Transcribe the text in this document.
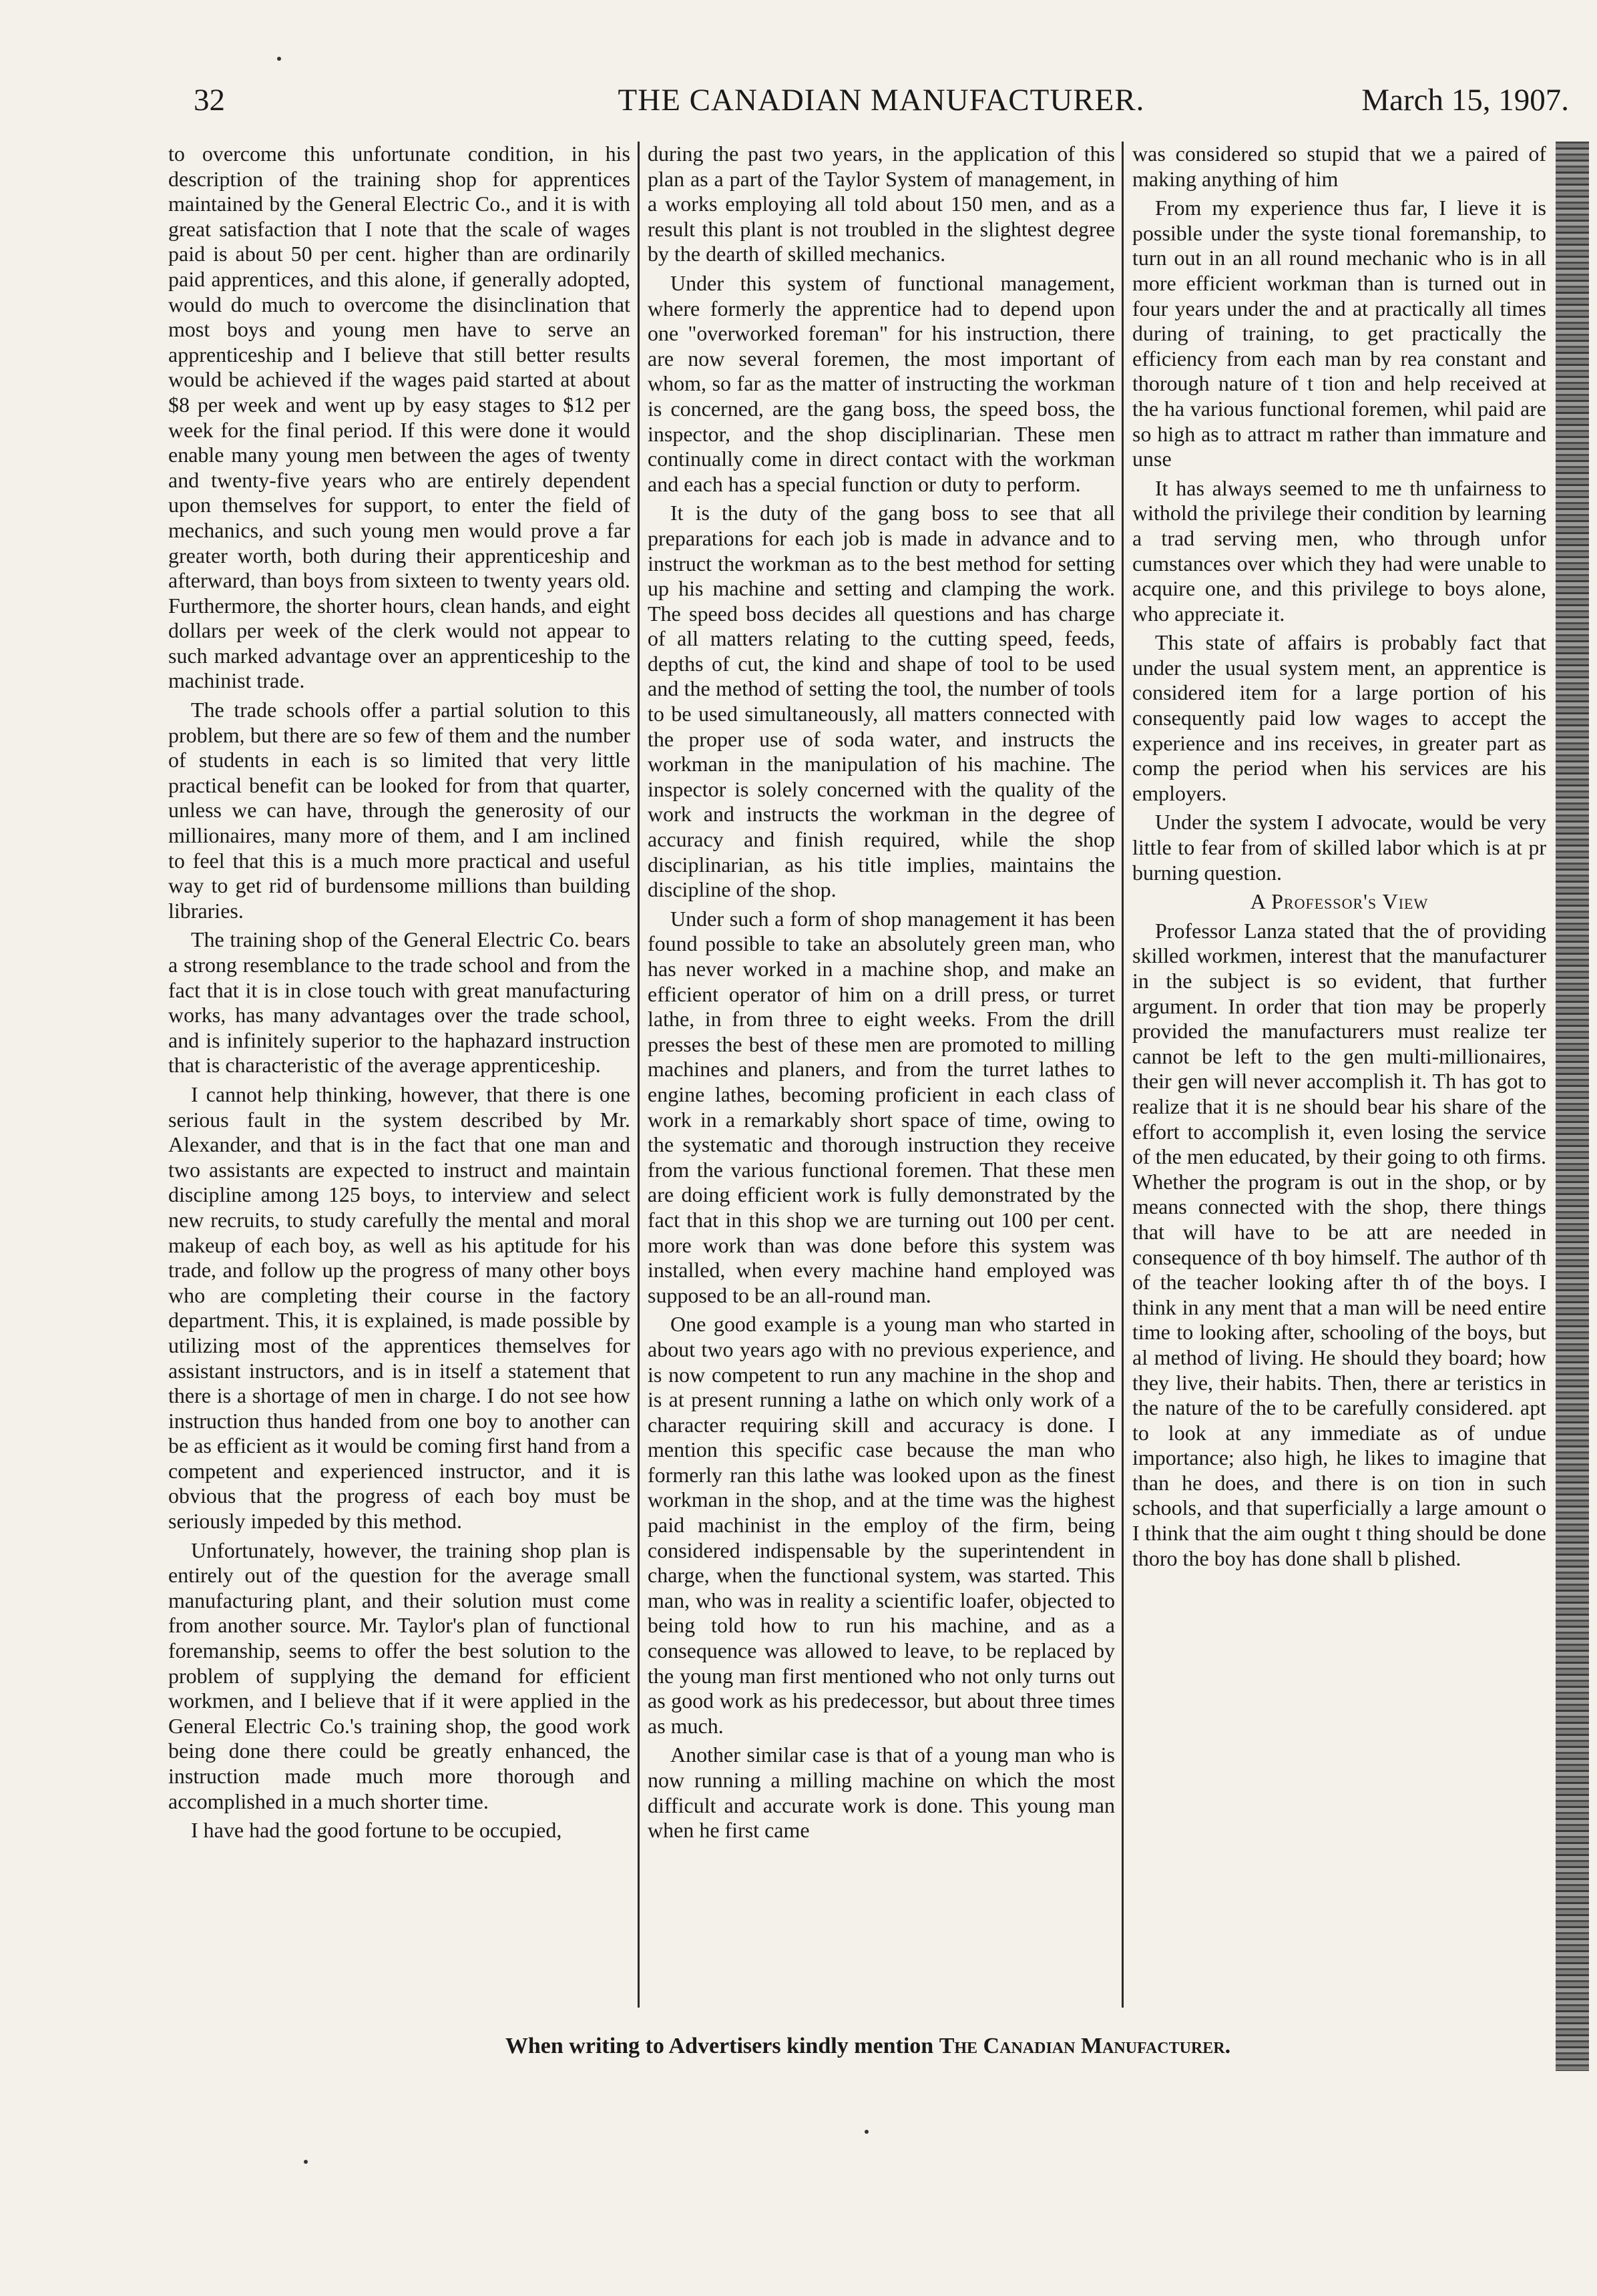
32	THE CANADIAN MANUFACTURER.	March 15, 1907.

to overcome this unfortunate condition, in his description of the training shop for apprentices maintained by the General Electric Co., and it is with great satisfaction that I note that the scale of wages paid is about 50 per cent. higher than are ordinarily paid apprentices, and this alone, if generally adopted, would do much to overcome the disinclination that most boys and young men have to serve an apprenticeship and I believe that still better results would be achieved if the wages paid started at about $8 per week and went up by easy stages to $12 per week for the final period. If this were done it would enable many young men between the ages of twenty and twenty-five years who are entirely dependent upon themselves for support, to enter the field of mechanics, and such young men would prove a far greater worth, both during their apprenticeship and afterward, than boys from sixteen to twenty years old. Furthermore, the shorter hours, clean hands, and eight dollars per week of the clerk would not appear to such marked advantage over an apprenticeship to the machinist trade.

The trade schools offer a partial solution to this problem, but there are so few of them and the number of students in each is so limited that very little practical benefit can be looked for from that quarter, unless we can have, through the generosity of our millionaires, many more of them, and I am inclined to feel that this is a much more practical and useful way to get rid of burdensome millions than building libraries.

The training shop of the General Electric Co. bears a strong resemblance to the trade school and from the fact that it is in close touch with great manufacturing works, has many advantages over the trade school, and is infinitely superior to the haphazard instruction that is characteristic of the average apprenticeship.

I cannot help thinking, however, that there is one serious fault in the system described by Mr. Alexander, and that is in the fact that one man and two assistants are expected to instruct and maintain discipline among 125 boys, to interview and select new recruits, to study carefully the mental and moral makeup of each boy, as well as his aptitude for his trade, and follow up the progress of many other boys who are completing their course in the factory department. This, it is explained, is made possible by utilizing most of the apprentices themselves for assistant instructors, and is in itself a statement that there is a shortage of men in charge. I do not see how instruction thus handed from one boy to another can be as efficient as it would be coming first hand from a competent and experienced instructor, and it is obvious that the progress of each boy must be seriously impeded by this method.

Unfortunately, however, the training shop plan is entirely out of the question for the average small manufacturing plant, and their solution must come from another source. Mr. Taylor's plan of functional foremanship, seems to offer the best solution to the problem of supplying the demand for efficient workmen, and I believe that if it were applied in the General Electric Co.'s training shop, the good work being done there could be greatly enhanced, the instruction made much more thorough and accomplished in a much shorter time.

I have had the good fortune to be occupied,

during the past two years, in the application of this plan as a part of the Taylor System of management, in a works employing all told about 150 men, and as a result this plant is not troubled in the slightest degree by the dearth of skilled mechanics.

Under this system of functional management, where formerly the apprentice had to depend upon one "overworked foreman" for his instruction, there are now several foremen, the most important of whom, so far as the matter of instructing the workman is concerned, are the gang boss, the speed boss, the inspector, and the shop disciplinarian. These men continually come in direct contact with the workman and each has a special function or duty to perform.

It is the duty of the gang boss to see that all preparations for each job is made in advance and to instruct the workman as to the best method for setting up his machine and setting and clamping the work. The speed boss decides all questions and has charge of all matters relating to the cutting speed, feeds, depths of cut, the kind and shape of tool to be used and the method of setting the tool, the number of tools to be used simultaneously, all matters connected with the proper use of soda water, and instructs the workman in the manipulation of his machine. The inspector is solely concerned with the quality of the work and instructs the workman in the degree of accuracy and finish required, while the shop disciplinarian, as his title implies, maintains the discipline of the shop.

Under such a form of shop management it has been found possible to take an absolutely green man, who has never worked in a machine shop, and make an efficient operator of him on a drill press, or turret lathe, in from three to eight weeks. From the drill presses the best of these men are promoted to milling machines and planers, and from the turret lathes to engine lathes, becoming proficient in each class of work in a remarkably short space of time, owing to the systematic and thorough instruction they receive from the various functional foremen. That these men are doing efficient work is fully demonstrated by the fact that in this shop we are turning out 100 per cent. more work than was done before this system was installed, when every machine hand employed was supposed to be an all-round man.

One good example is a young man who started in about two years ago with no previous experience, and is now competent to run any machine in the shop and is at present running a lathe on which only work of a character requiring skill and accuracy is done. I mention this specific case because the man who formerly ran this lathe was looked upon as the finest workman in the shop, and at the time was the highest paid machinist in the employ of the firm, being considered indispensable by the superintendent in charge, when the functional system, was started. This man, who was in reality a scientific loafer, objected to being told how to run his machine, and as a consequence was allowed to leave, to be replaced by the young man first mentioned who not only turns out as good work as his predecessor, but about three times as much.

Another similar case is that of a young man who is now running a milling machine on which the most difficult and accurate work is done. This young man when he first came

was considered so stupid that we a paired of making anything of him

From my experience thus far, I lieve it is possible under the syste tional foremanship, to turn out in an all round mechanic who is in all more efficient workman than is turned out in four years under the and at practically all times during of training, to get practically the efficiency from each man by rea constant and thorough nature of t tion and help received at the ha various functional foremen, whil paid are so high as to attract m rather than immature and unse

It has always seemed to me th unfairness to withold the privilege their condition by learning a trad serving men, who through unfor cumstances over which they had were unable to acquire one, and this privilege to boys alone, who appreciate it.

This state of affairs is probably fact that under the usual system ment, an apprentice is considered item for a large portion of his consequently paid low wages to accept the experience and ins receives, in greater part as comp the period when his services are his employers.

Under the system I advocate, would be very little to fear from of skilled labor which is at pr burning question.

A Professor's View

Professor Lanza stated that the of providing skilled workmen, interest that the manufacturer in the subject is so evident, that further argument. In order that tion may be properly provided the manufacturers must realize ter cannot be left to the gen multi-millionaires, their gen will never accomplish it. Th has got to realize that it is ne should bear his share of the effort to accomplish it, even losing the service of the men educated, by their going to oth firms. Whether the program is out in the shop, or by means connected with the shop, there things that will have to be att are needed in consequence of th boy himself. The author of th of the teacher looking after th of the boys. I think in any ment that a man will be need entire time to looking after, schooling of the boys, but al method of living. He should they board; how they live, their habits. Then, there ar teristics in the nature of the to be carefully considered. apt to look at any immediate as of undue importance; also high, he likes to imagine that than he does, and there is on tion in such schools, and that superficially a large amount o I think that the aim ought t thing should be done thoro the boy has done shall b plished.

When writing to Advertisers kindly mention The Canadian Manufacturer.
